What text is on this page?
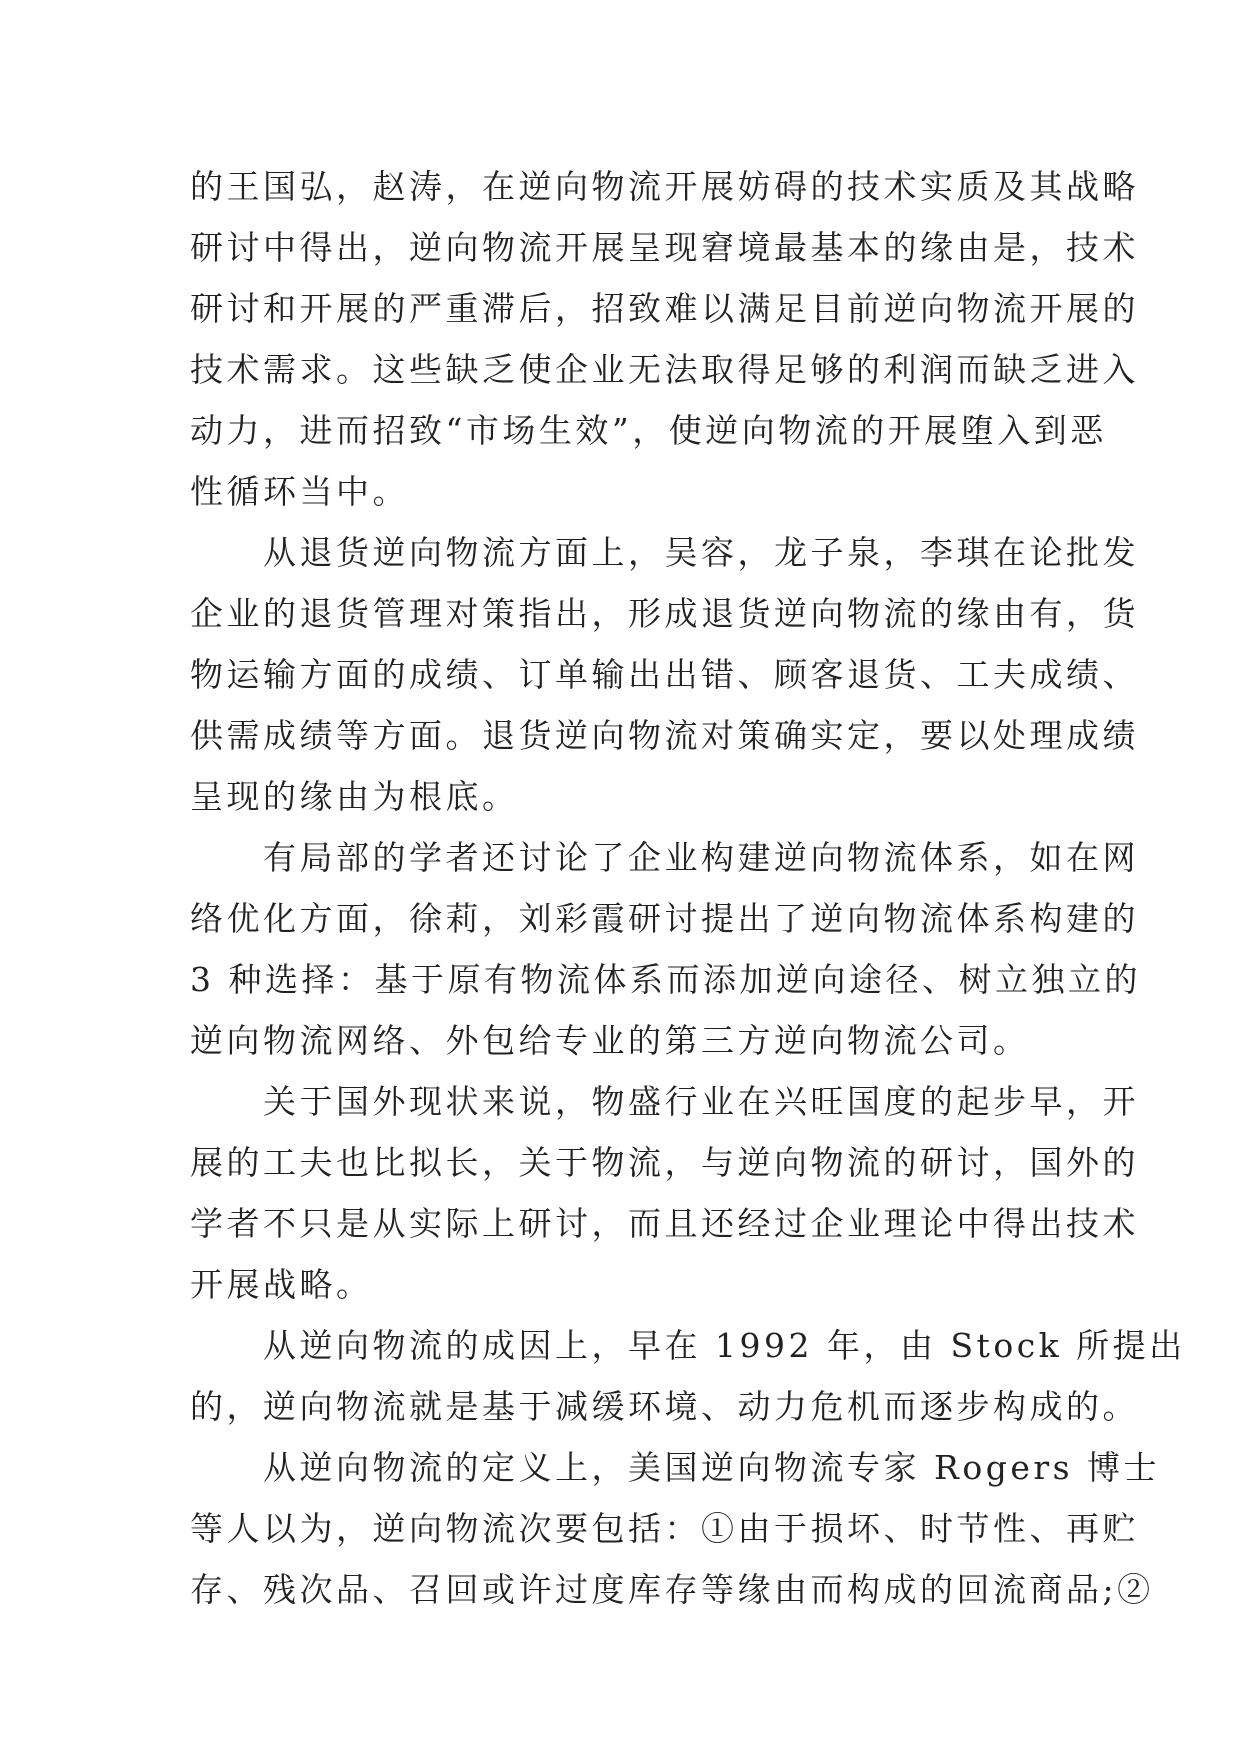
的王国弘，赵涛，在逆向物流开展妨碍的技术实质及其战略
研讨中得出，逆向物流开展呈现窘境最基本的缘由是，技术
研讨和开展的严重滞后，招致难以满足目前逆向物流开展的
技术需求。这些缺乏使企业无法取得足够的利润而缺乏进入
动力，进而招致“市场生效”，使逆向物流的开展堕入到恶
性循环当中。
　　从退货逆向物流方面上，吴容，龙子泉，李琪在论批发
企业的退货管理对策指出，形成退货逆向物流的缘由有，货
物运输方面的成绩、订单输出出错、顾客退货、工夫成绩、
供需成绩等方面。退货逆向物流对策确实定，要以处理成绩
呈现的缘由为根底。
　　有局部的学者还讨论了企业构建逆向物流体系，如在网
络优化方面，徐莉，刘彩霞研讨提出了逆向物流体系构建的
3 种选择：基于原有物流体系而添加逆向途径、树立独立的
逆向物流网络、外包给专业的第三方逆向物流公司。
　　关于国外现状来说，物盛行业在兴旺国度的起步早，开
展的工夫也比拟长，关于物流，与逆向物流的研讨，国外的
学者不只是从实际上研讨，而且还经过企业理论中得出技术
开展战略。
　　从逆向物流的成因上，早在 1992 年，由 Stock 所提出
的，逆向物流就是基于减缓环境、动力危机而逐步构成的。
　　从逆向物流的定义上，美国逆向物流专家 Rogers 博士
等人以为，逆向物流次要包括：①由于损坏、时节性、再贮
存、残次品、召回或许过度库存等缘由而构成的回流商品;②
